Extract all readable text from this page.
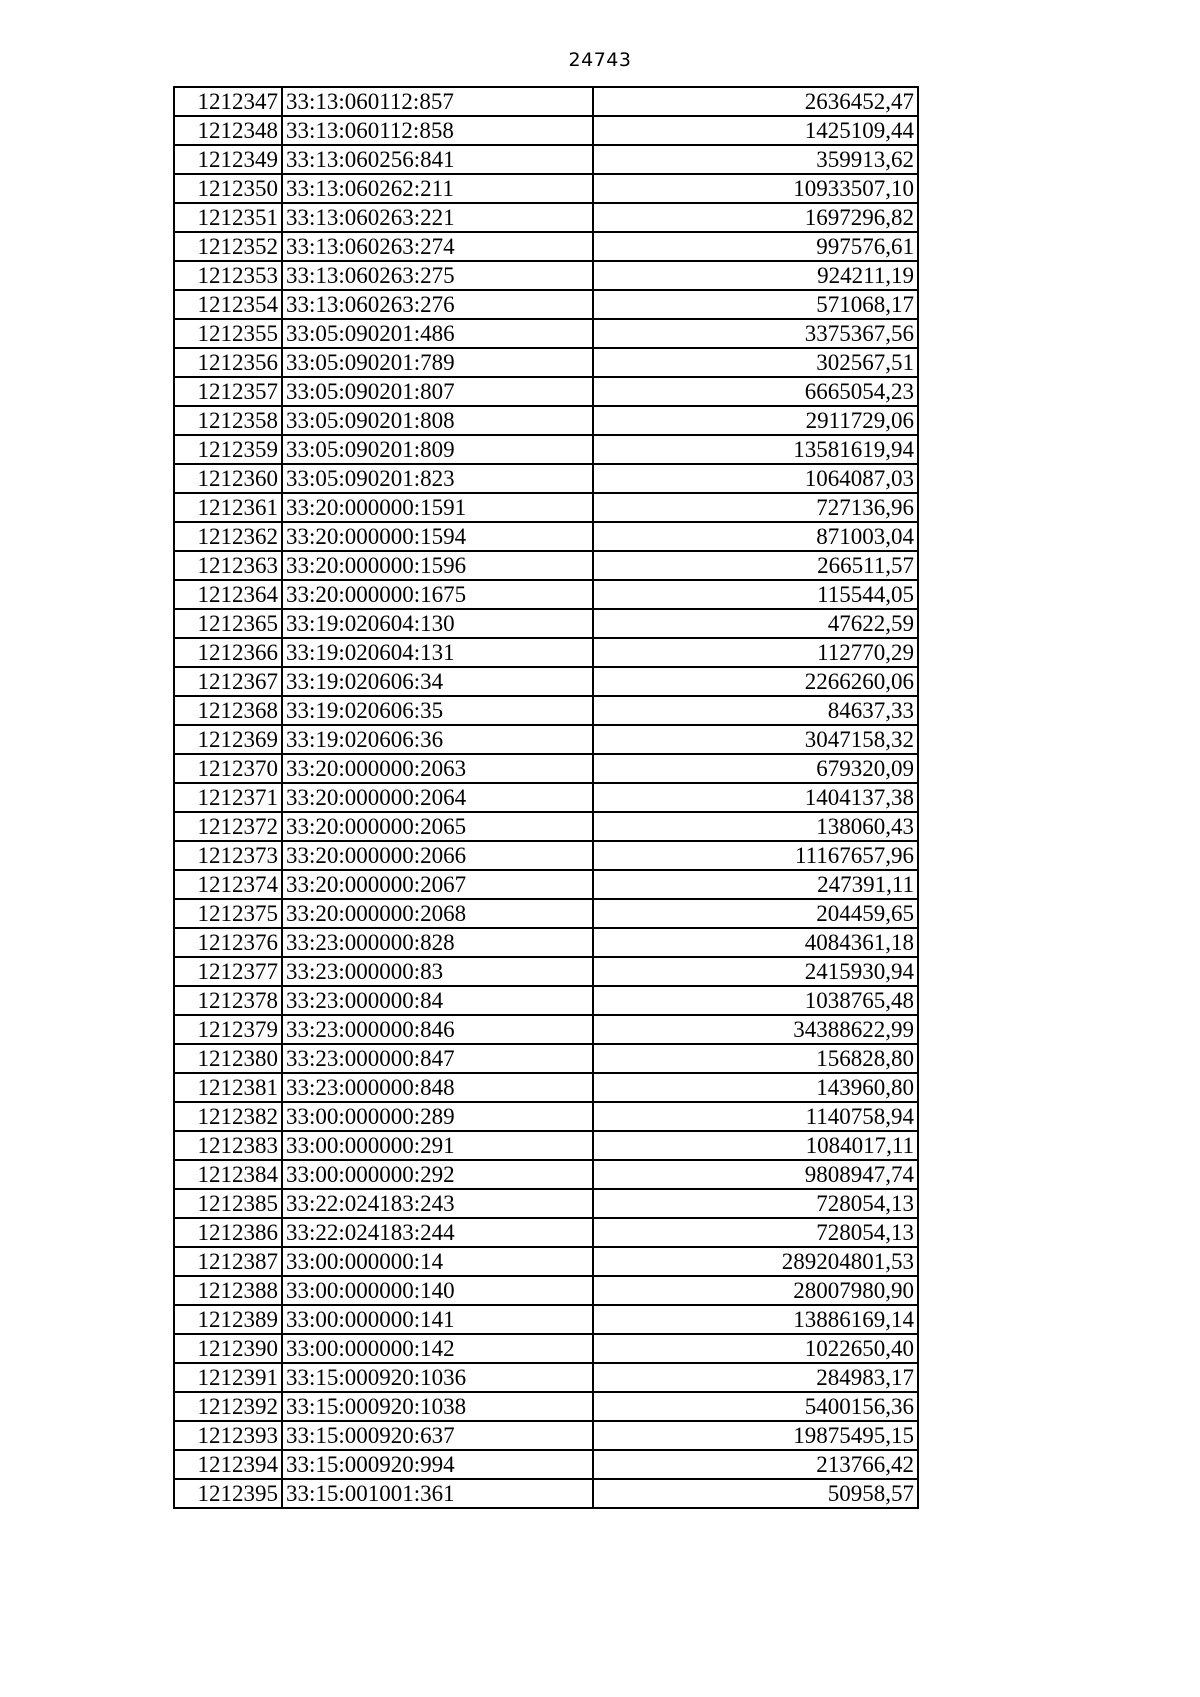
24743
1212347	33:13:060112:857	2636452,47
1212348	33:13:060112:858	1425109,44
1212349	33:13:060256:841	359913,62
1212350	33:13:060262:211	10933507,10
1212351	33:13:060263:221	1697296,82
1212352	33:13:060263:274	997576,61
1212353	33:13:060263:275	924211,19
1212354	33:13:060263:276	571068,17
1212355	33:05:090201:486	3375367,56
1212356	33:05:090201:789	302567,51
1212357	33:05:090201:807	6665054,23
1212358	33:05:090201:808	2911729,06
1212359	33:05:090201:809	13581619,94
1212360	33:05:090201:823	1064087,03
1212361	33:20:000000:1591	727136,96
1212362	33:20:000000:1594	871003,04
1212363	33:20:000000:1596	266511,57
1212364	33:20:000000:1675	115544,05
1212365	33:19:020604:130	47622,59
1212366	33:19:020604:131	112770,29
1212367	33:19:020606:34	2266260,06
1212368	33:19:020606:35	84637,33
1212369	33:19:020606:36	3047158,32
1212370	33:20:000000:2063	679320,09
1212371	33:20:000000:2064	1404137,38
1212372	33:20:000000:2065	138060,43
1212373	33:20:000000:2066	11167657,96
1212374	33:20:000000:2067	247391,11
1212375	33:20:000000:2068	204459,65
1212376	33:23:000000:828	4084361,18
1212377	33:23:000000:83	2415930,94
1212378	33:23:000000:84	1038765,48
1212379	33:23:000000:846	34388622,99
1212380	33:23:000000:847	156828,80
1212381	33:23:000000:848	143960,80
1212382	33:00:000000:289	1140758,94
1212383	33:00:000000:291	1084017,11
1212384	33:00:000000:292	9808947,74
1212385	33:22:024183:243	728054,13
1212386	33:22:024183:244	728054,13
1212387	33:00:000000:14	289204801,53
1212388	33:00:000000:140	28007980,90
1212389	33:00:000000:141	13886169,14
1212390	33:00:000000:142	1022650,40
1212391	33:15:000920:1036	284983,17
1212392	33:15:000920:1038	5400156,36
1212393	33:15:000920:637	19875495,15
1212394	33:15:000920:994	213766,42
1212395	33:15:001001:361	50958,57
